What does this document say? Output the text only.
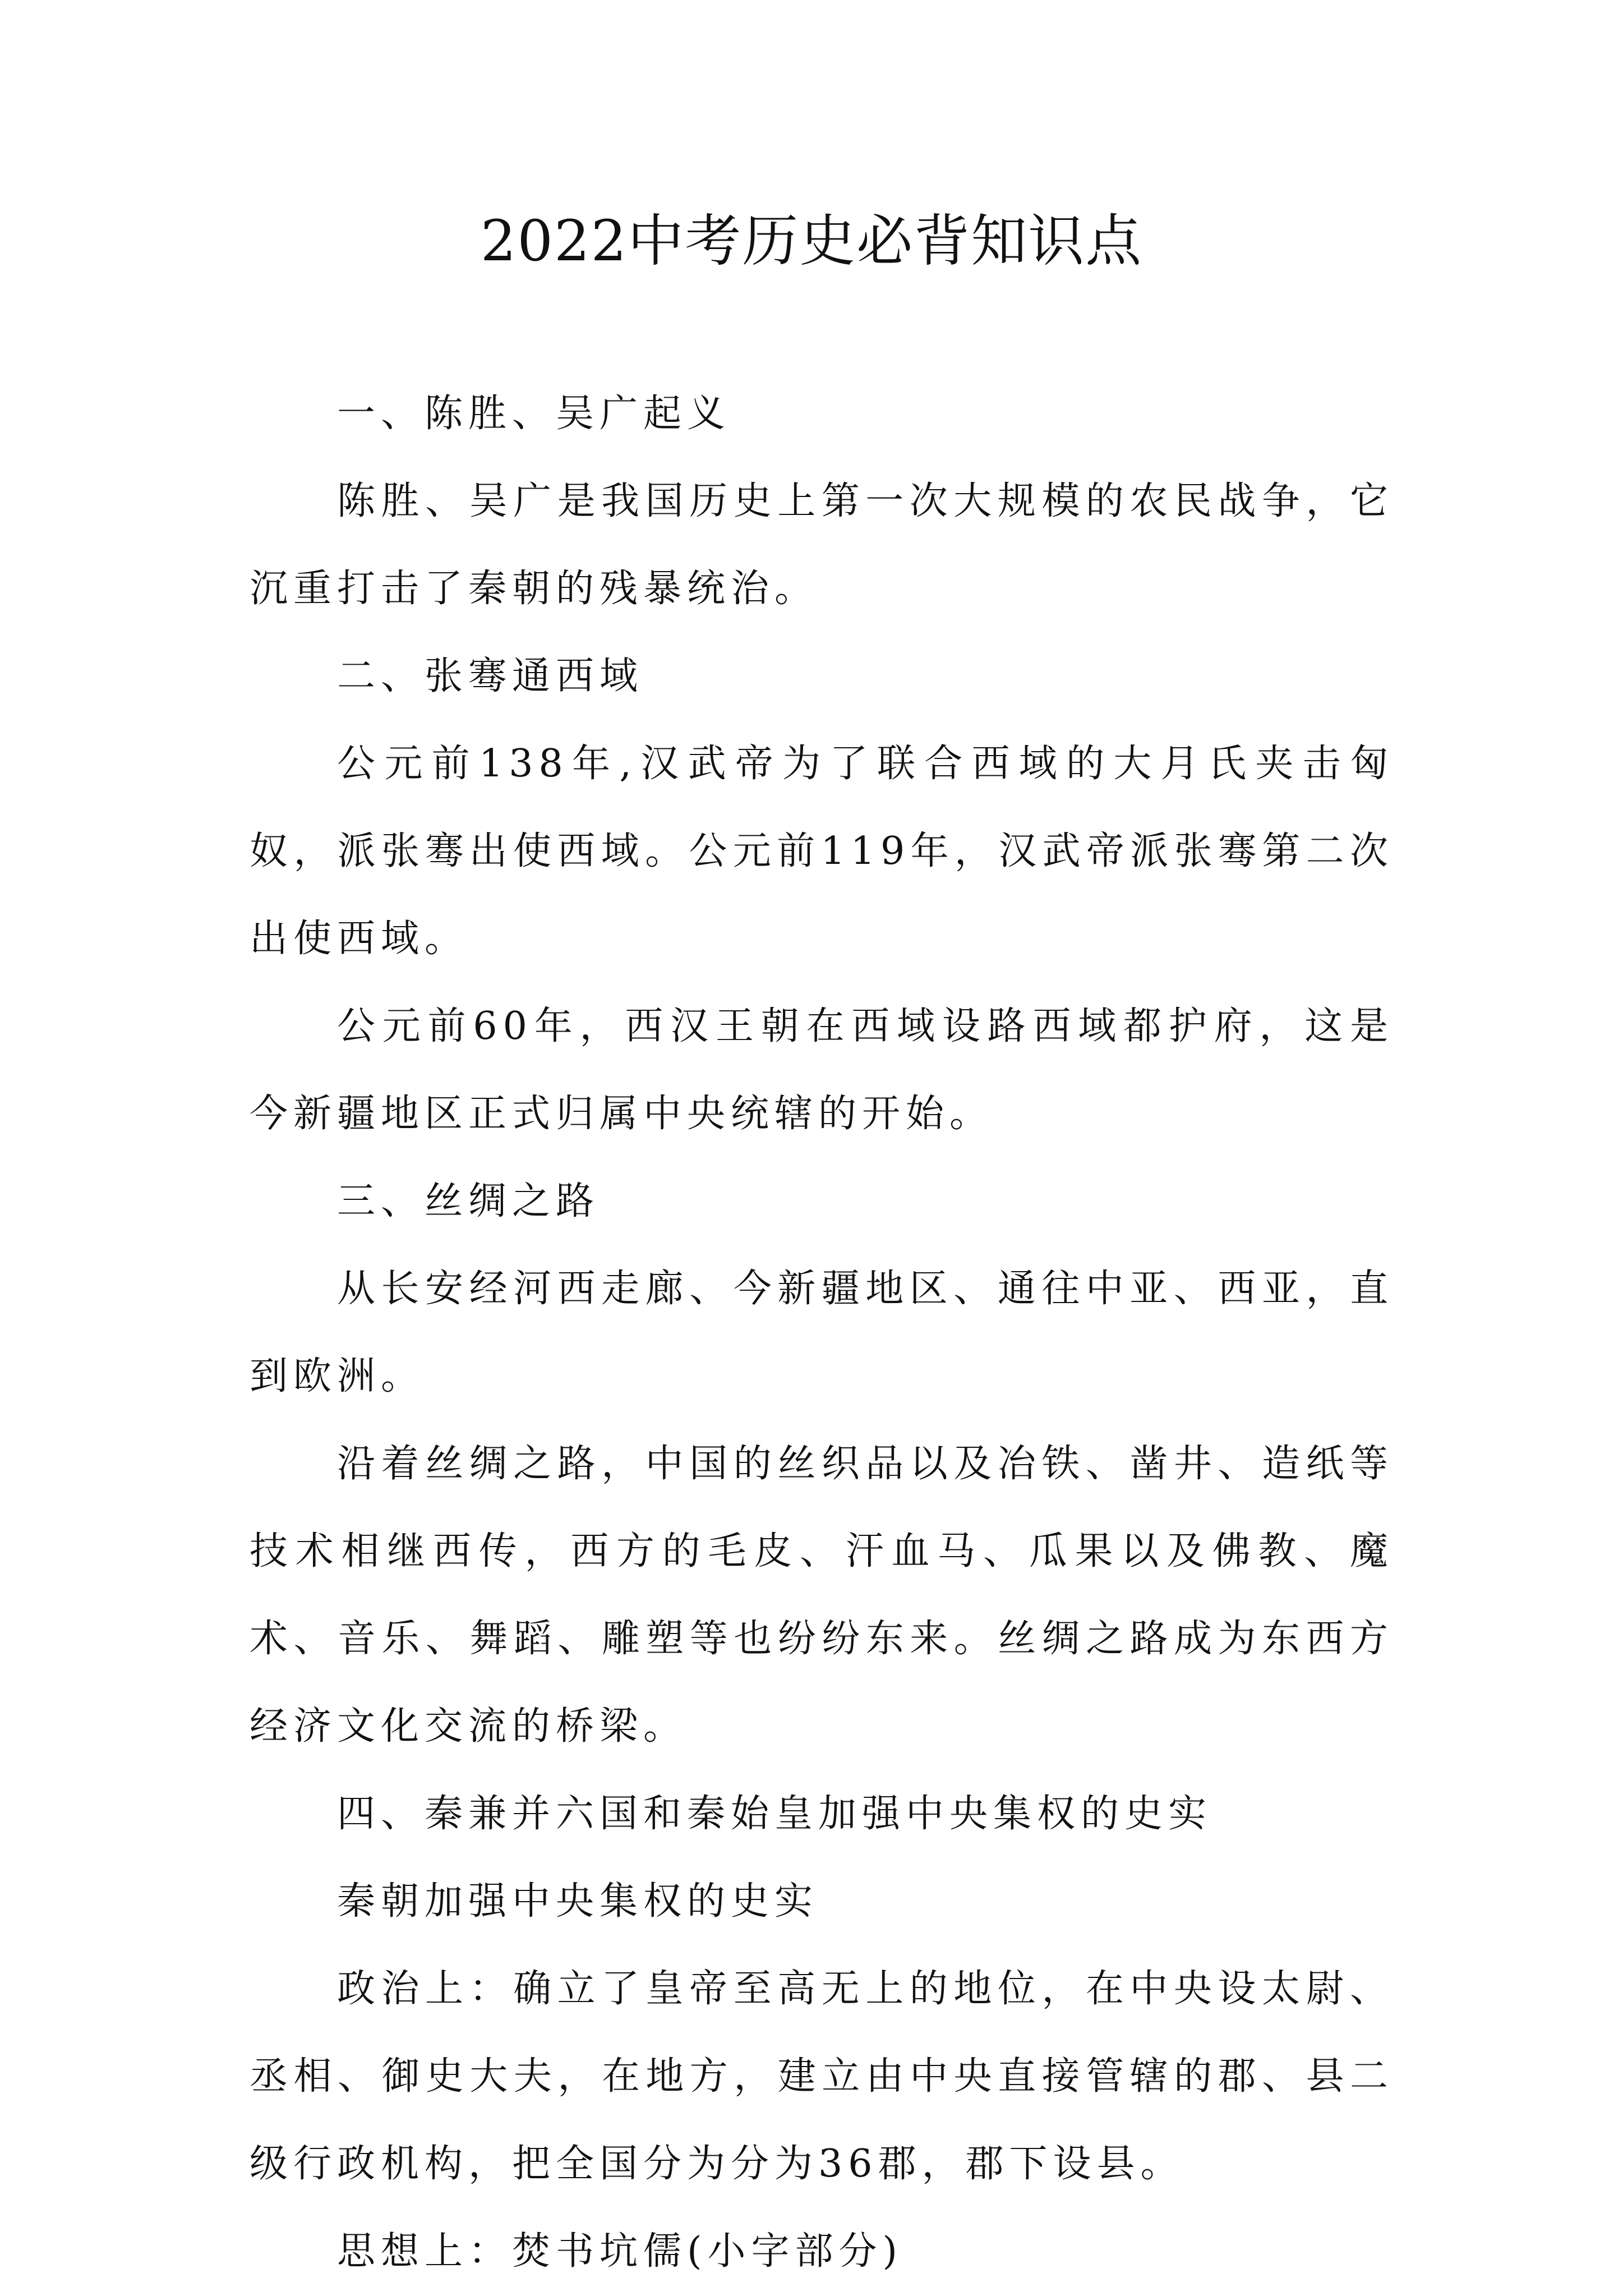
2022中考历史必背知识点

一、陈胜、吴广起义

陈胜、吴广是我国历史上第一次大规模的农民战争，它沉重打击了秦朝的残暴统治。

二、张骞通西域

公元前138年,汉武帝为了联合西域的大月氏夹击匈奴，派张骞出使西域。公元前119年，汉武帝派张骞第二次出使西域。

公元前60年，西汉王朝在西域设路西域都护府，这是今新疆地区正式归属中央统辖的开始。

三、丝绸之路

从长安经河西走廊、今新疆地区、通往中亚、西亚，直到欧洲。

沿着丝绸之路，中国的丝织品以及冶铁、凿井、造纸等技术相继西传，西方的毛皮、汗血马、瓜果以及佛教、魔术、音乐、舞蹈、雕塑等也纷纷东来。丝绸之路成为东西方经济文化交流的桥梁。

四、秦兼并六国和秦始皇加强中央集权的史实

秦朝加强中央集权的史实

政治上：确立了皇帝至高无上的地位，在中央设太尉、丞相、御史大夫，在地方，建立由中央直接管辖的郡、县二级行政机构，把全国分为分为36郡，郡下设县。

思想上：焚书坑儒(小字部分)
